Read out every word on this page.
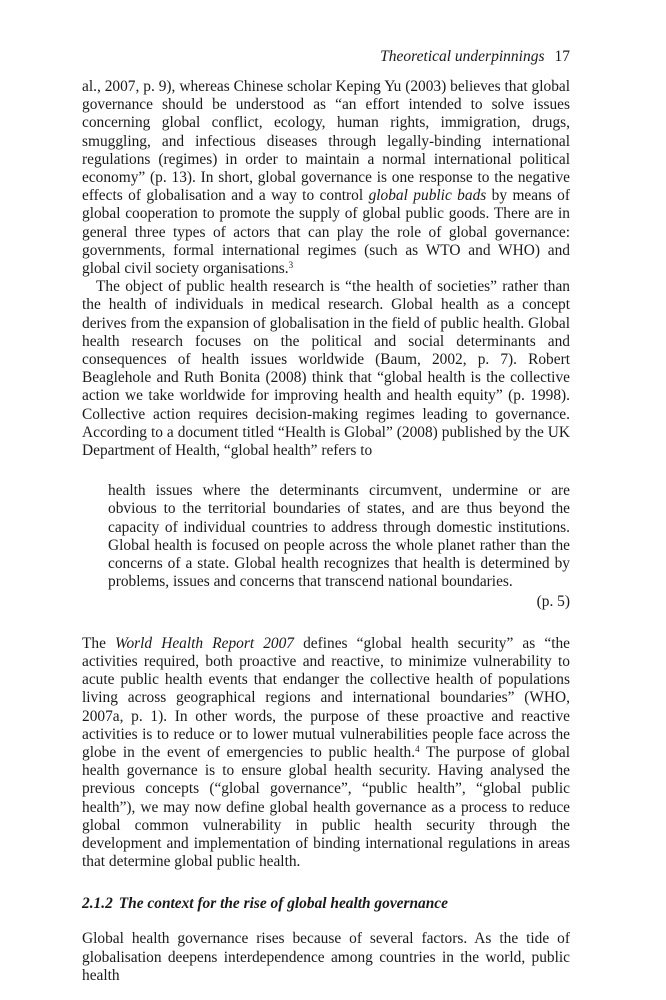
Theoretical underpinnings 17

al., 2007, p. 9), whereas Chinese scholar Keping Yu (2003) believes that global governance should be understood as “an effort intended to solve issues concerning global conflict, ecology, human rights, immigration, drugs, smuggling, and infectious diseases through legally-binding international regulations (regimes) in order to maintain a normal international political economy” (p. 13). In short, global governance is one response to the negative effects of globalisation and a way to control global public bads by means of global cooperation to promote the supply of global public goods. There are in general three types of actors that can play the role of global governance: governments, formal international regimes (such as WTO and WHO) and global civil society organisations.$^3$

The object of public health research is “the health of societies” rather than the health of individuals in medical research. Global health as a concept derives from the expansion of globalisation in the field of public health. Global health research focuses on the political and social determinants and consequences of health issues worldwide (Baum, 2002, p. 7). Robert Beaglehole and Ruth Bonita (2008) think that “global health is the collective action we take worldwide for improving health and health equity” (p. 1998). Collective action requires decision-making regimes leading to governance. According to a document titled “Health is Global” (2008) published by the UK Department of Health, “global health” refers to

health issues where the determinants circumvent, undermine or are obvious to the territorial boundaries of states, and are thus beyond the capacity of individual countries to address through domestic institutions. Global health is focused on people across the whole planet rather than the concerns of a state. Global health recognizes that health is determined by problems, issues and concerns that transcend national boundaries.

(p. 5)

The World Health Report 2007 defines “global health security” as “the activities required, both proactive and reactive, to minimize vulnerability to acute public health events that endanger the collective health of populations living across geographical regions and international boundaries” (WHO, 2007a, p. 1). In other words, the purpose of these proactive and reactive activities is to reduce or to lower mutual vulnerabilities people face across the globe in the event of emergencies to public health.$^4$ The purpose of global health governance is to ensure global health security. Having analysed the previous concepts (“global governance”, “public health”, “global public health”), we may now define global health governance as a process to reduce global common vulnerability in public health security through the development and implementation of binding international regulations in areas that determine global public health.

2.1.2 The context for the rise of global health governance

Global health governance rises because of several factors. As the tide of globalisation deepens interdependence among countries in the world, public health
